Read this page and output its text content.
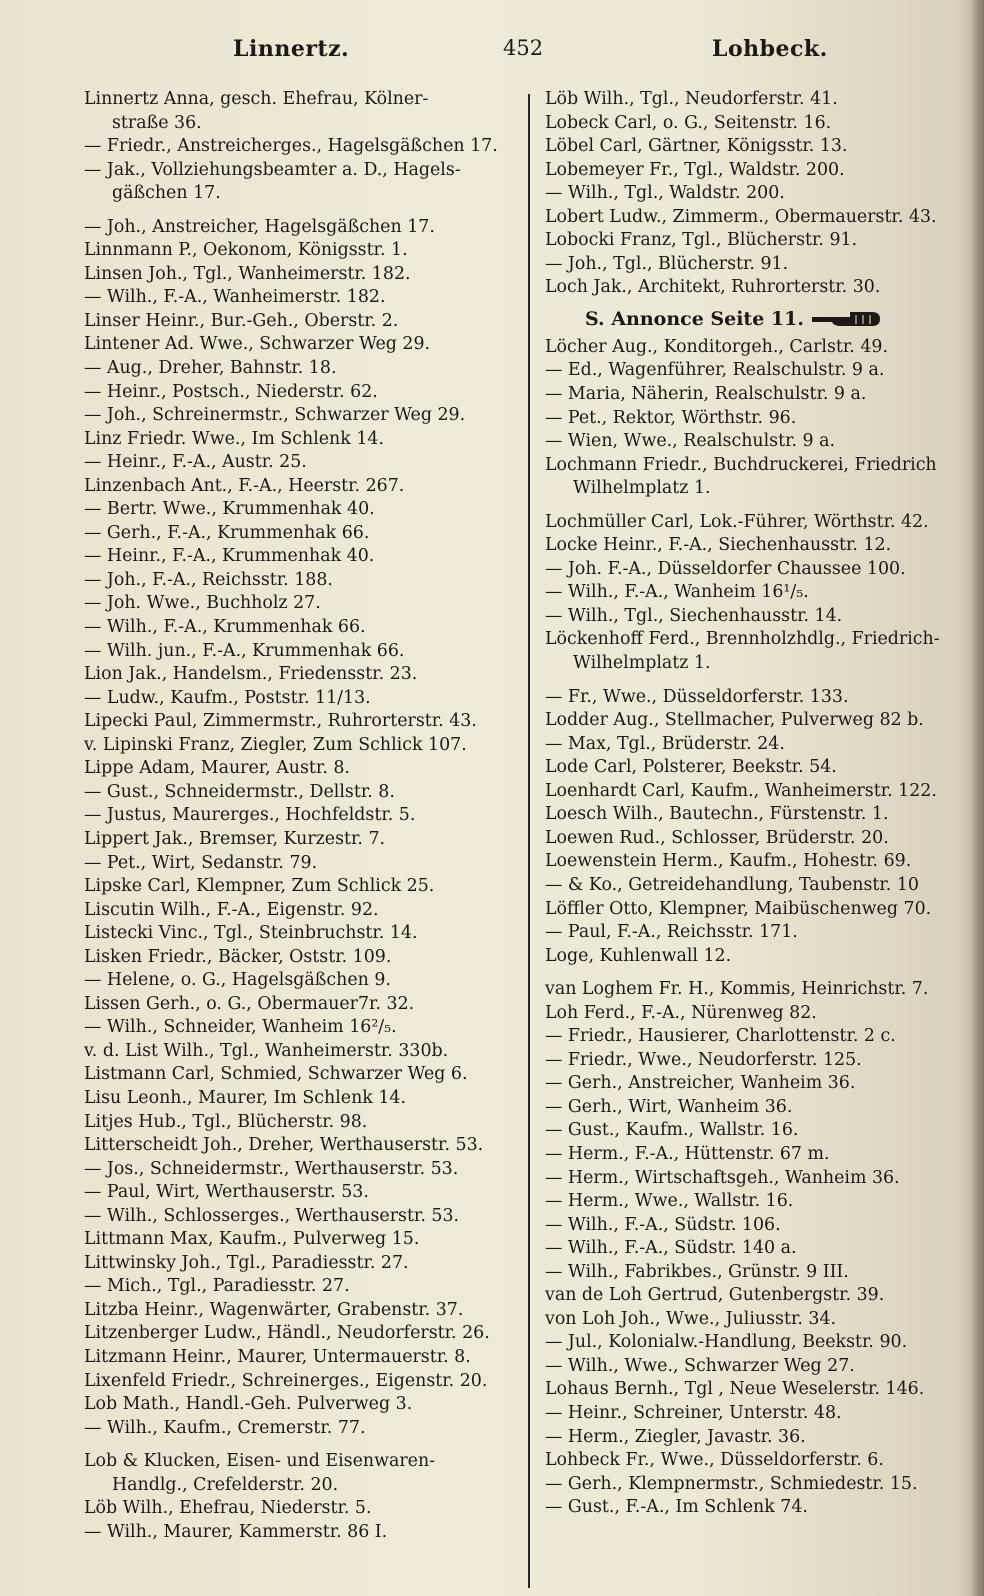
Linnertz.	452	Lohbeck.
Linnertz Anna, gesch. Ehefrau, Kölner-
straße 36.
— Friedr., Anstreicherges., Hagelsgäßchen 17.
— Jak., Vollziehungsbeamter a. D., Hagels-
gäßchen 17.
— Joh., Anstreicher, Hagelsgäßchen 17.
Linnmann P., Oekonom, Königsstr. 1.
Linsen Joh., Tgl., Wanheimerstr. 182.
— Wilh., F.-A., Wanheimerstr. 182.
Linser Heinr., Bur.-Geh., Oberstr. 2.
Lintener Ad. Wwe., Schwarzer Weg 29.
— Aug., Dreher, Bahnstr. 18.
— Heinr., Postsch., Niederstr. 62.
— Joh., Schreinermstr., Schwarzer Weg 29.
Linz Friedr. Wwe., Im Schlenk 14.
— Heinr., F.-A., Austr. 25.
Linzenbach Ant., F.-A., Heerstr. 267.
— Bertr. Wwe., Krummenhak 40.
— Gerh., F.-A., Krummenhak 66.
— Heinr., F.-A., Krummenhak 40.
— Joh., F.-A., Reichsstr. 188.
— Joh. Wwe., Buchholz 27.
— Wilh., F.-A., Krummenhak 66.
— Wilh. jun., F.-A., Krummenhak 66.
Lion Jak., Handelsm., Friedensstr. 23.
— Ludw., Kaufm., Poststr. 11/13.
Lipecki Paul, Zimmermstr., Ruhrorterstr. 43.
v. Lipinski Franz, Ziegler, Zum Schlick 107.
Lippe Adam, Maurer, Austr. 8.
— Gust., Schneidermstr., Dellstr. 8.
— Justus, Maurerges., Hochfeldstr. 5.
Lippert Jak., Bremser, Kurzestr. 7.
— Pet., Wirt, Sedanstr. 79.
Lipske Carl, Klempner, Zum Schlick 25.
Liscutin Wilh., F.-A., Eigenstr. 92.
Listecki Vinc., Tgl., Steinbruchstr. 14.
Lisken Friedr., Bäcker, Oststr. 109.
— Helene, o. G., Hagelsgäßchen 9.
Lissen Gerh., o. G., Obermauer7r. 32.
— Wilh., Schneider, Wanheim 16²/₅.
v. d. List Wilh., Tgl., Wanheimerstr. 330b.
Listmann Carl, Schmied, Schwarzer Weg 6.
Lisu Leonh., Maurer, Im Schlenk 14.
Litjes Hub., Tgl., Blücherstr. 98.
Litterscheidt Joh., Dreher, Werthauserstr. 53.
— Jos., Schneidermstr., Werthauserstr. 53.
— Paul, Wirt, Werthauserstr. 53.
— Wilh., Schlosserges., Werthauserstr. 53.
Littmann Max, Kaufm., Pulverweg 15.
Littwinsky Joh., Tgl., Paradiesstr. 27.
— Mich., Tgl., Paradiesstr. 27.
Litzba Heinr., Wagenwärter, Grabenstr. 37.
Litzenberger Ludw., Händl., Neudorferstr. 26.
Litzmann Heinr., Maurer, Untermauerstr. 8.
Lixenfeld Friedr., Schreinerges., Eigenstr. 20.
Lob Math., Handl.-Geh. Pulverweg 3.
— Wilh., Kaufm., Cremerstr. 77.
Lob & Klucken, Eisen- und Eisenwaren-
Handlg., Crefelderstr. 20.
Löb Wilh., Ehefrau, Niederstr. 5.
— Wilh., Maurer, Kammerstr. 86 I.
Löb Wilh., Tgl., Neudorferstr. 41.
Lobeck Carl, o. G., Seitenstr. 16.
Löbel Carl, Gärtner, Königsstr. 13.
Lobemeyer Fr., Tgl., Waldstr. 200.
— Wilh., Tgl., Waldstr. 200.
Lobert Ludw., Zimmerm., Obermauerstr. 43.
Lobocki Franz, Tgl., Blücherstr. 91.
— Joh., Tgl., Blücherstr. 91.
Loch Jak., Architekt, Ruhrorterstr. 30.
S. Annonce Seite 11.
Löcher Aug., Konditorgeh., Carlstr. 49.
— Ed., Wagenführer, Realschulstr. 9 a.
— Maria, Näherin, Realschulstr. 9 a.
— Pet., Rektor, Wörthstr. 96.
— Wien, Wwe., Realschulstr. 9 a.
Lochmann Friedr., Buchdruckerei, Friedrich
Wilhelmplatz 1.
Lochmüller Carl, Lok.-Führer, Wörthstr. 42.
Locke Heinr., F.-A., Siechenhausstr. 12.
— Joh. F.-A., Düsseldorfer Chaussee 100.
— Wilh., F.-A., Wanheim 16¹/₅.
— Wilh., Tgl., Siechenhausstr. 14.
Löckenhoff Ferd., Brennholzhdlg., Friedrich-
Wilhelmplatz 1.
— Fr., Wwe., Düsseldorferstr. 133.
Lodder Aug., Stellmacher, Pulverweg 82 b.
— Max, Tgl., Brüderstr. 24.
Lode Carl, Polsterer, Beekstr. 54.
Loenhardt Carl, Kaufm., Wanheimerstr. 122.
Loesch Wilh., Bautechn., Fürstenstr. 1.
Loewen Rud., Schlosser, Brüderstr. 20.
Loewenstein Herm., Kaufm., Hohestr. 69.
— & Ko., Getreidehandlung, Taubenstr. 10
Löffler Otto, Klempner, Maibüschenweg 70.
— Paul, F.-A., Reichsstr. 171.
Loge, Kuhlenwall 12.
van Loghem Fr. H., Kommis, Heinrichstr. 7.
Loh Ferd., F.-A., Nürenweg 82.
— Friedr., Hausierer, Charlottenstr. 2 c.
— Friedr., Wwe., Neudorferstr. 125.
— Gerh., Anstreicher, Wanheim 36.
— Gerh., Wirt, Wanheim 36.
— Gust., Kaufm., Wallstr. 16.
— Herm., F.-A., Hüttenstr. 67 m.
— Herm., Wirtschaftsgeh., Wanheim 36.
— Herm., Wwe., Wallstr. 16.
— Wilh., F.-A., Südstr. 106.
— Wilh., F.-A., Südstr. 140 a.
— Wilh., Fabrikbes., Grünstr. 9 III.
van de Loh Gertrud, Gutenbergstr. 39.
von Loh Joh., Wwe., Juliusstr. 34.
— Jul., Kolonialw.-Handlung, Beekstr. 90.
— Wilh., Wwe., Schwarzer Weg 27.
Lohaus Bernh., Tgl , Neue Weselerstr. 146.
— Heinr., Schreiner, Unterstr. 48.
— Herm., Ziegler, Javastr. 36.
Lohbeck Fr., Wwe., Düsseldorferstr. 6.
— Gerh., Klempnermstr., Schmiedestr. 15.
— Gust., F.-A., Im Schlenk 74.
